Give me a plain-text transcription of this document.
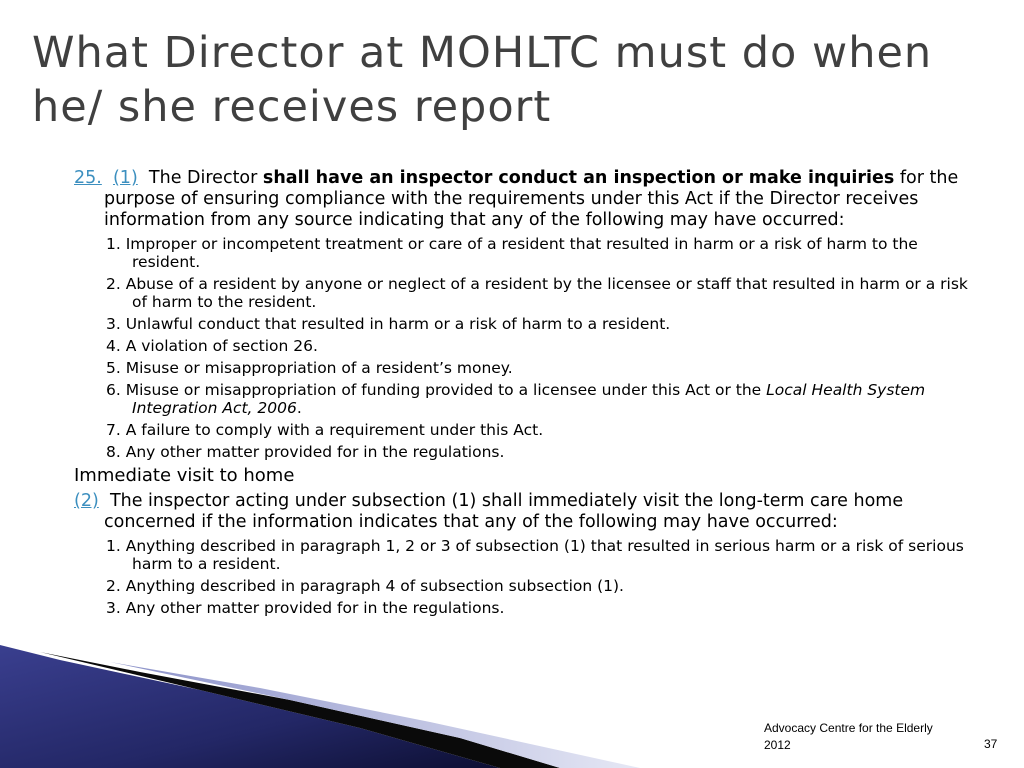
What Director at MOHLTC must do when he/ she receives report

25. (1) The Director shall have an inspector conduct an inspection or make inquiries for the purpose of ensuring compliance with the requirements under this Act if the Director receives information from any source indicating that any of the following may have occurred:

1. Improper or incompetent treatment or care of a resident that resulted in harm or a risk of harm to the resident.
2. Abuse of a resident by anyone or neglect of a resident by the licensee or staff that resulted in harm or a risk of harm to the resident.
3. Unlawful conduct that resulted in harm or a risk of harm to a resident.
4. A violation of section 26.
5. Misuse or misappropriation of a resident’s money.
6. Misuse or misappropriation of funding provided to a licensee under this Act or the Local Health System Integration Act, 2006.
7. A failure to comply with a requirement under this Act.
8. Any other matter provided for in the regulations.
Immediate visit to home

(2)  The inspector acting under subsection (1) shall immediately visit the long-term care home concerned if the information indicates that any of the following may have occurred:

1. Anything described in paragraph 1, 2 or 3 of subsection (1) that resulted in serious harm or a risk of serious harm to a resident.
2. Anything described in paragraph 4 of subsection subsection (1).
3. Any other matter provided for in the regulations.
Advocacy Centre for the Elderly 2012	37
